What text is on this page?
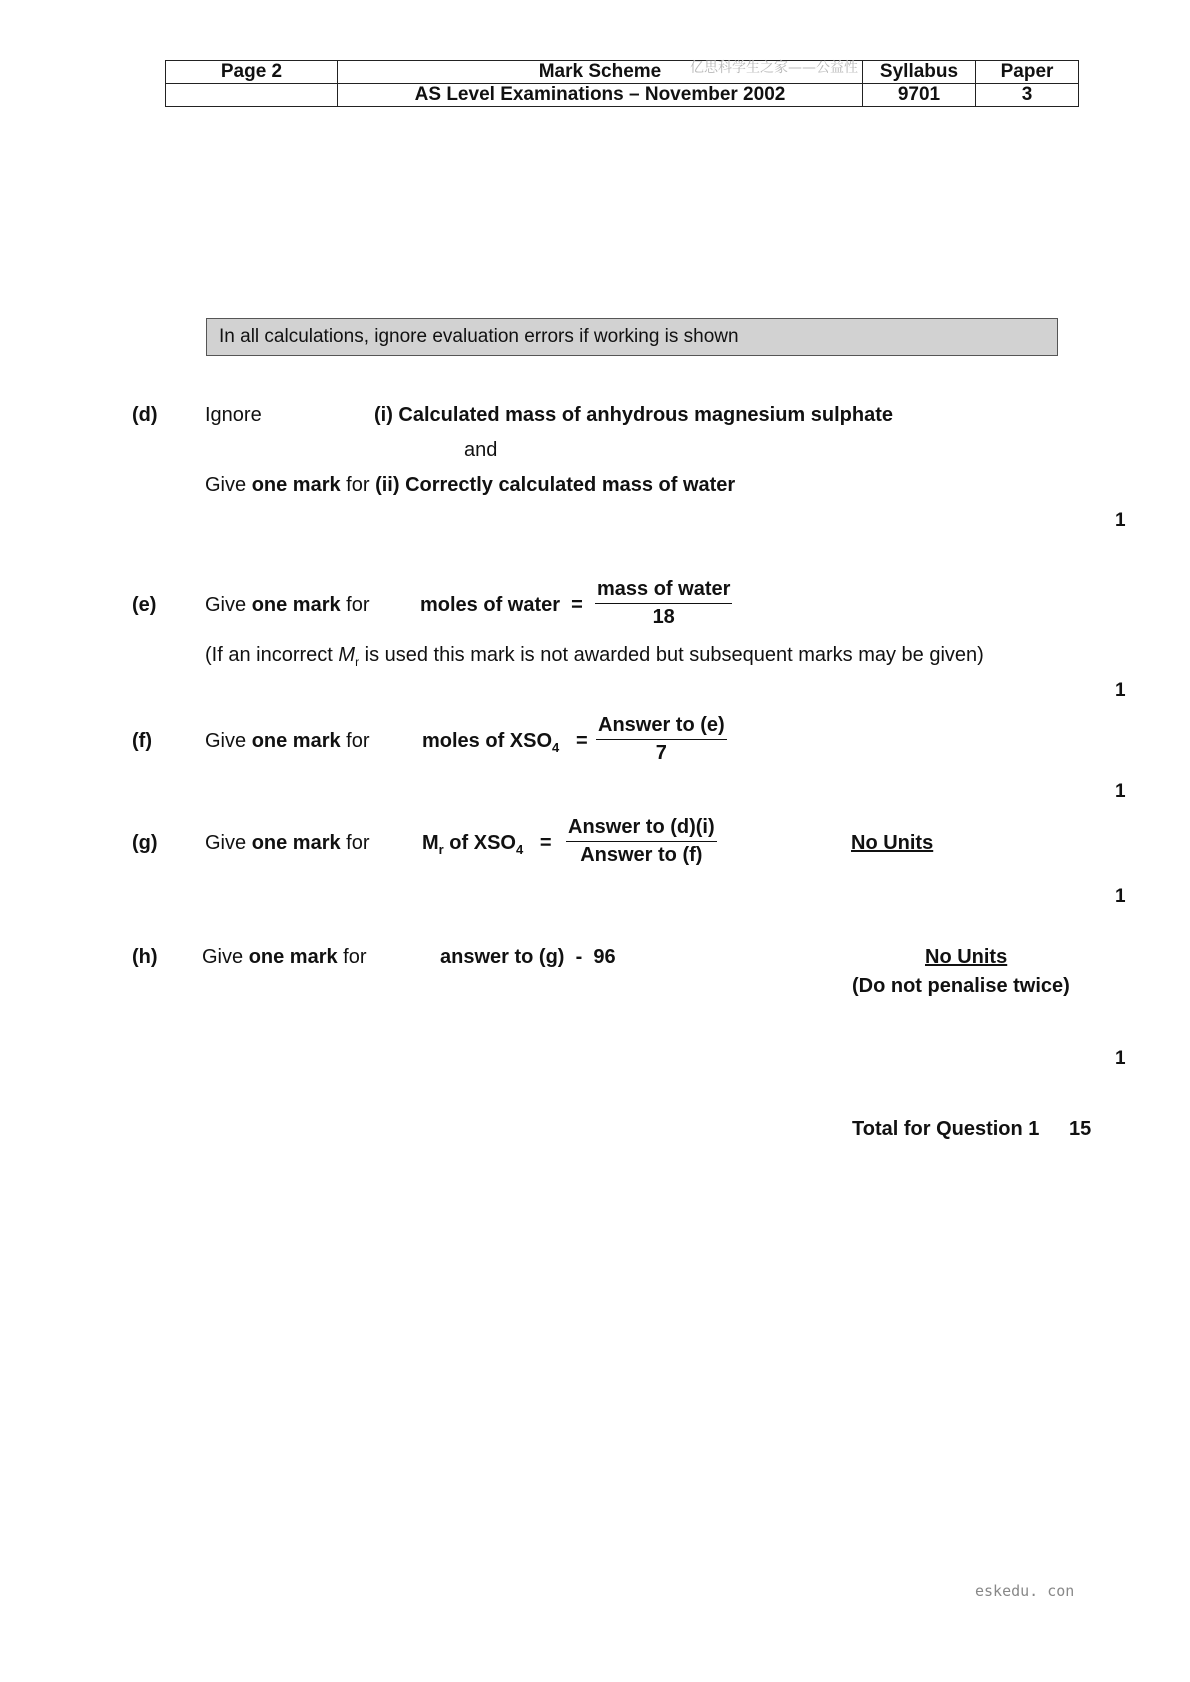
Page 2	Mark Scheme	Syllabus	Paper
	AS Level Examinations – November 2002	9701	3
亿思科学生之家——公益性
In all calculations, ignore evaluation errors if working is shown
(d) Ignore	(i) Calculated mass of anhydrous magnesium sulphate
and
Give one mark for (ii) Correctly calculated mass of water
1
(e) Give one mark for	moles of water =
mass of water
18
(If an incorrect $M_r$ is used this mark is not awarded but subsequent marks may be given)
1
(f)	Give one mark for	moles of $XSO_4$ =
Answer to (e)
7
1
(g) Give one mark for	$M_r$ of $XSO_4$ =
Answer to (d)(i)
Answer to (f)
No Units
1
(h) Give one mark for	answer to (g)  -  96	No Units
(Do not penalise twice)
1
Total for Question 1 15
eskedu. con
